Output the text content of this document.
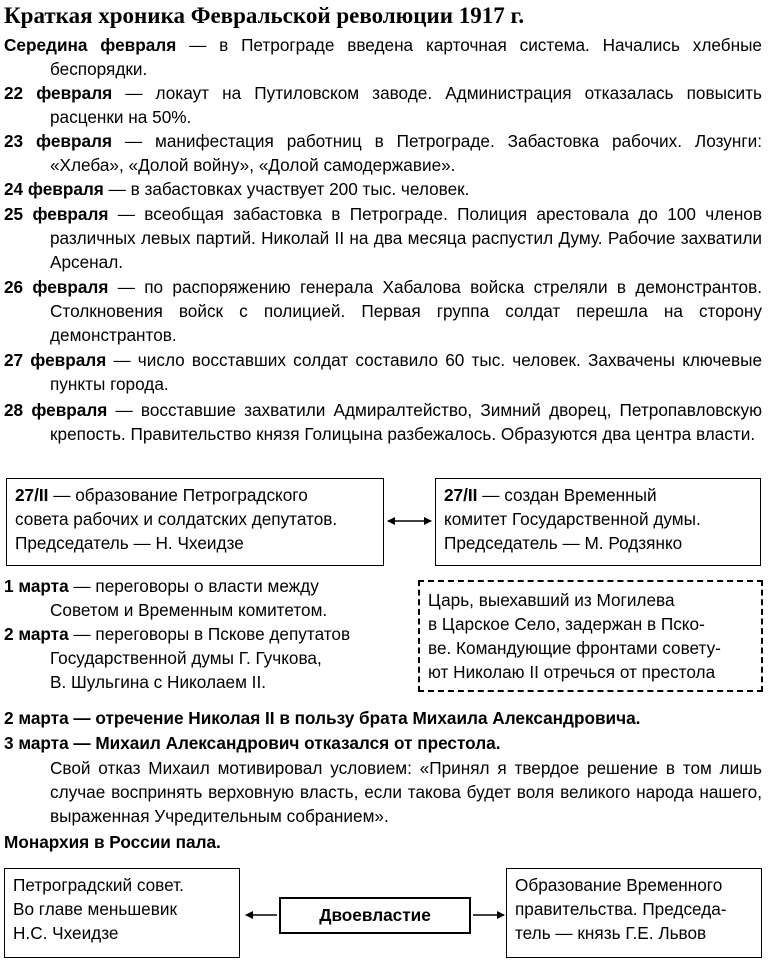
Краткая хроника Февральской революции 1917 г.
Середина февраля — в Петрограде введена карточная система. Начались хлебные беспорядки.
22 февраля — локаут на Путиловском заводе. Администрация отказалась повысить расценки на 50%.
23 февраля — манифестация работниц в Петрограде. Забастовка рабочих. Лозунги: «Хлеба», «Долой войну», «Долой самодержавие».
24 февраля — в забастовках участвует 200 тыс. человек.
25 февраля — всеобщая забастовка в Петрограде. Полиция арестовала до 100 членов различных левых партий. Николай II на два месяца распустил Думу. Рабочие захватили Арсенал.
26 февраля — по распоряжению генерала Хабалова войска стреляли в демонстрантов. Столкновения войск с полицией. Первая группа солдат перешла на сторону демонстрантов.
27 февраля — число восставших солдат составило 60 тыс. человек. Захвачены ключевые пункты города.
28 февраля — восставшие захватили Адмиралтейство, Зимний дворец, Петропавловскую крепость. Правительство князя Голицына разбежалось. Образуются два центра власти.
27/II — образование Петроградского
совета рабочих и солдатских депутатов.
Председатель — Н. Чхеидзе
27/II — создан Временный
комитет Государственной думы.
Председатель — М. Родзянко
1 марта — переговоры о власти между
Советом и Временным комитетом.
2 марта — переговоры в Пскове депутатов
Государственной думы Г. Гучкова,
В. Шульгина с Николаем II.
Царь, выехавший из Могилева
в Царское Село, задержан в Пско-
ве. Командующие фронтами совету-
ют Николаю II отречься от престола
2 марта — отречение Николая II в пользу брата Михаила Александровича.
3 марта — Михаил Александрович отказался от престола.
Свой отказ Михаил мотивировал условием: «Принял я твердое решение в том лишь случае воспринять верховную власть, если такова будет воля великого народа нашего, выраженная Учредительным собранием».
Монархия в России пала.
Петроградский совет.
Во главе меньшевик
Н.С. Чхеидзе
Двоевластие
Образование Временного
правительства. Председа-
тель — князь Г.Е. Львов
